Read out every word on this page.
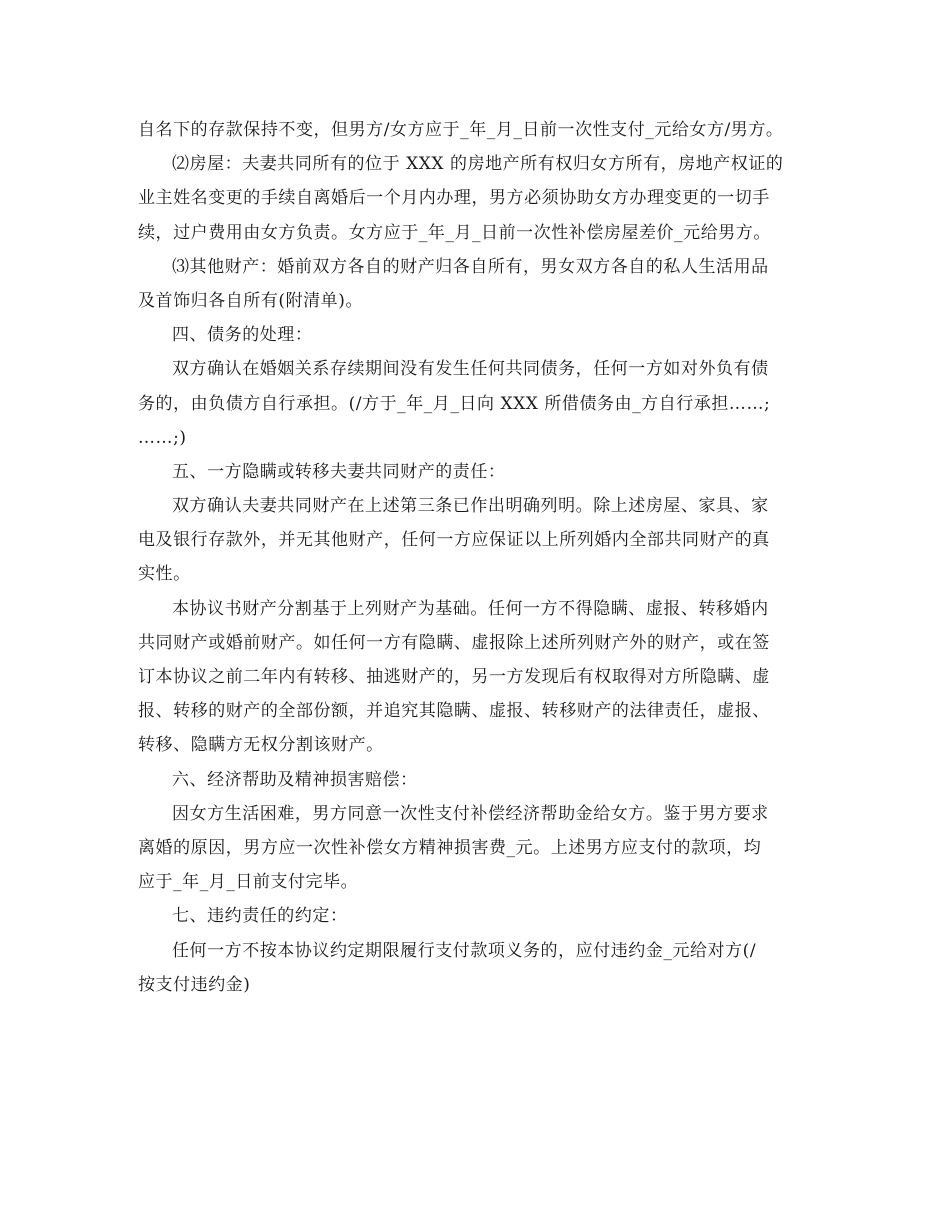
自名下的存款保持不变，但男方/女方应于_年_月_日前一次性支付_元给女方/男方。
⑵房屋：夫妻共同所有的位于 XXX 的房地产所有权归女方所有，房地产权证的
业主姓名变更的手续自离婚后一个月内办理，男方必须协助女方办理变更的一切手
续，过户费用由女方负责。女方应于_年_月_日前一次性补偿房屋差价_元给男方。
⑶其他财产：婚前双方各自的财产归各自所有，男女双方各自的私人生活用品
及首饰归各自所有(附清单)。
四、债务的处理：
双方确认在婚姻关系存续期间没有发生任何共同债务，任何一方如对外负有债
务的，由负债方自行承担。(/方于_年_月_日向 XXX 所借债务由_方自行承担……;
……;)
五、一方隐瞒或转移夫妻共同财产的责任：
双方确认夫妻共同财产在上述第三条已作出明确列明。除上述房屋、家具、家
电及银行存款外，并无其他财产，任何一方应保证以上所列婚内全部共同财产的真
实性。
本协议书财产分割基于上列财产为基础。任何一方不得隐瞒、虚报、转移婚内
共同财产或婚前财产。如任何一方有隐瞒、虚报除上述所列财产外的财产，或在签
订本协议之前二年内有转移、抽逃财产的，另一方发现后有权取得对方所隐瞒、虚
报、转移的财产的全部份额，并追究其隐瞒、虚报、转移财产的法律责任，虚报、
转移、隐瞒方无权分割该财产。
六、经济帮助及精神损害赔偿：
因女方生活困难，男方同意一次性支付补偿经济帮助金给女方。鉴于男方要求
离婚的原因，男方应一次性补偿女方精神损害费_元。上述男方应支付的款项，均
应于_年_月_日前支付完毕。
七、违约责任的约定：
任何一方不按本协议约定期限履行支付款项义务的，应付违约金_元给对方(/
按支付违约金)
